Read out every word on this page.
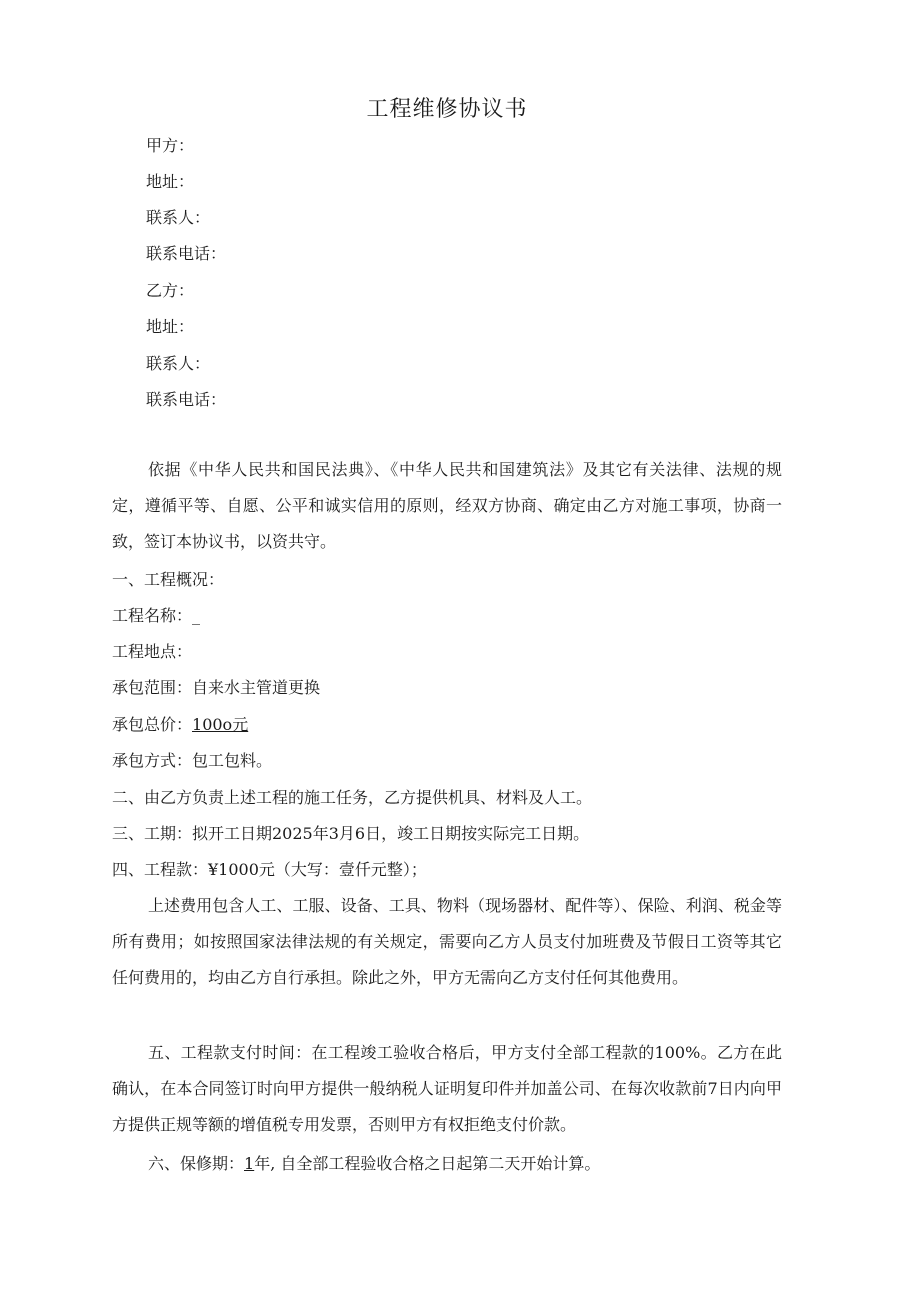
工程维修协议书
甲方：
地址：
联系人：
联系电话：
乙方：
地址：
联系人：
联系电话：

依据《中华人民共和国民法典》、《中华人民共和国建筑法》及其它有关法律、法规的规定，遵循平等、自愿、公平和诚实信用的原则，经双方协商、确定由乙方对施工事项，协商一致，签订本协议书，以资共守。

一、工程概况：
工程名称：_
工程地点：
承包范围：自来水主管道更换
承包总价：100o元
承包方式：包工包料。
二、由乙方负责上述工程的施工任务，乙方提供机具、材料及人工。
三、工期：拟开工日期2025年3月6日，竣工日期按实际完工日期。
四、工程款：¥1000元（大写：壹仟元整）；

上述费用包含人工、工服、设备、工具、物料（现场器材、配件等）、保险、利润、税金等所有费用；如按照国家法律法规的有关规定，需要向乙方人员支付加班费及节假日工资等其它任何费用的，均由乙方自行承担。除此之外，甲方无需向乙方支付任何其他费用。

五、工程款支付时间：在工程竣工验收合格后，甲方支付全部工程款的100%。乙方在此确认，在本合同签订时向甲方提供一般纳税人证明复印件并加盖公司、在每次收款前7日内向甲方提供正规等额的增值税专用发票，否则甲方有权拒绝支付价款。

六、保修期：1年, 自全部工程验收合格之日起第二天开始计算。
